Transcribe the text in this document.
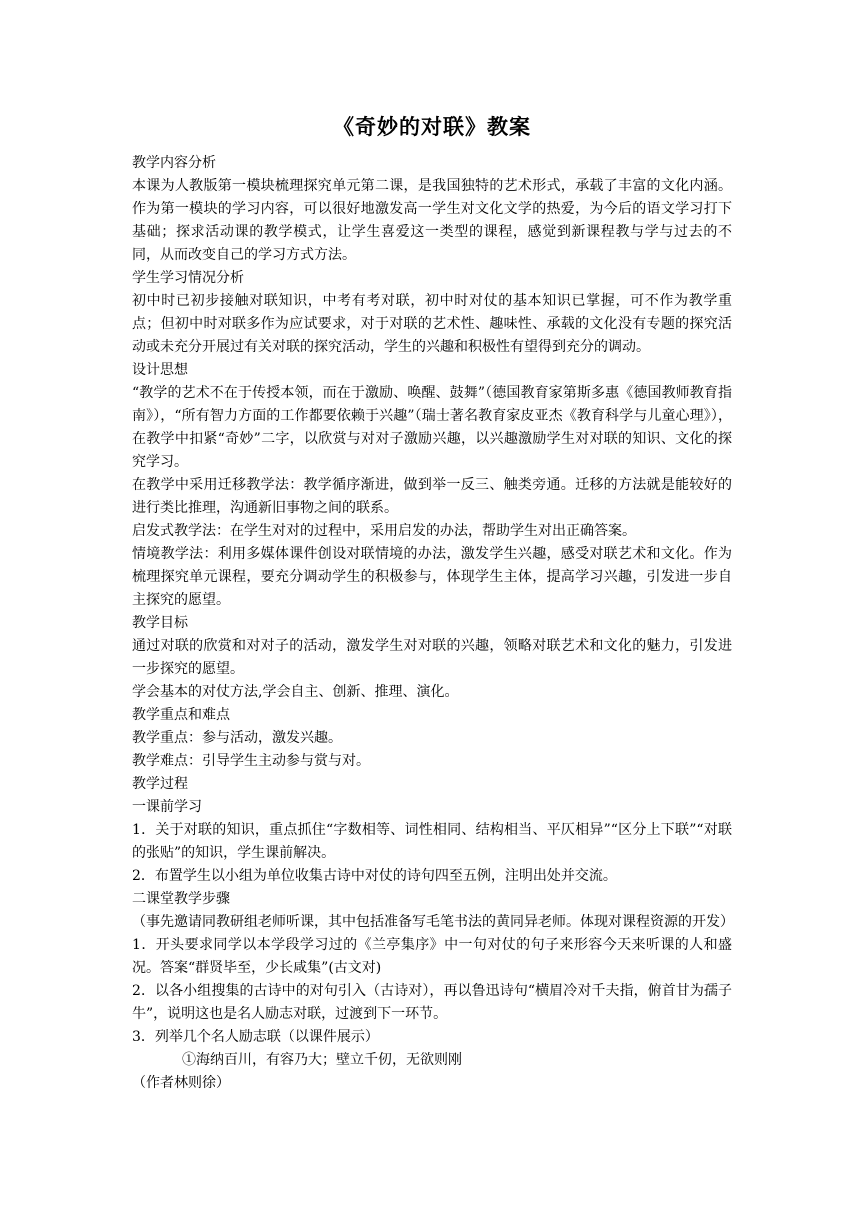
《奇妙的对联》教案

教学内容分析

本课为人教版第一模块梳理探究单元第二课，是我国独特的艺术形式，承载了丰富的文化内涵。作为第一模块的学习内容，可以很好地激发高一学生对文化文学的热爱，为今后的语文学习打下基础；探求活动课的教学模式，让学生喜爱这一类型的课程，感觉到新课程教与学与过去的不同，从而改变自己的学习方式方法。

学生学习情况分析

初中时已初步接触对联知识，中考有考对联，初中时对仗的基本知识已掌握，可不作为教学重点；但初中时对联多作为应试要求，对于对联的艺术性、趣味性、承载的文化没有专题的探究活动或未充分开展过有关对联的探究活动，学生的兴趣和积极性有望得到充分的调动。

设计思想

“教学的艺术不在于传授本领，而在于激励、唤醒、鼓舞”（德国教育家第斯多惠《德国教师教育指南》），“所有智力方面的工作都要依赖于兴趣”（瑞士著名教育家皮亚杰《教育科学与儿童心理》），在教学中扣紧“奇妙”二字，以欣赏与对对子激励兴趣，以兴趣激励学生对对联的知识、文化的探究学习。

在教学中采用迁移教学法：教学循序渐进，做到举一反三、触类旁通。迁移的方法就是能较好的进行类比推理，沟通新旧事物之间的联系。

启发式教学法：在学生对对的过程中，采用启发的办法，帮助学生对出正确答案。

情境教学法：利用多媒体课件创设对联情境的办法，激发学生兴趣，感受对联艺术和文化。作为梳理探究单元课程，要充分调动学生的积极参与，体现学生主体，提高学习兴趣，引发进一步自主探究的愿望。

教学目标

通过对联的欣赏和对对子的活动，激发学生对对联的兴趣，领略对联艺术和文化的魅力，引发进一步探究的愿望。

学会基本的对仗方法,学会自主、创新、推理、演化。

教学重点和难点

教学重点：参与活动，激发兴趣。

教学难点：引导学生主动参与赏与对。

教学过程

一课前学习

1．关于对联的知识，重点抓住“字数相等、词性相同、结构相当、平仄相异”“区分上下联”“对联的张贴”的知识，学生课前解决。

2．布置学生以小组为单位收集古诗中对仗的诗句四至五例，注明出处并交流。

二课堂教学步骤

（事先邀请同教研组老师听课，其中包括准备写毛笔书法的黄同异老师。体现对课程资源的开发）

1．开头要求同学以本学段学习过的《兰亭集序》中一句对仗的句子来形容今天来听课的人和盛况。答案“群贤毕至，少长咸集”(古文对)

2．以各小组搜集的古诗中的对句引入（古诗对），再以鲁迅诗句“横眉冷对千夫指，俯首甘为孺子牛”，说明这也是名人励志对联，过渡到下一环节。

3．列举几个名人励志联（以课件展示）

①海纳百川，有容乃大；壁立千仞，无欲则刚

（作者林则徐）
